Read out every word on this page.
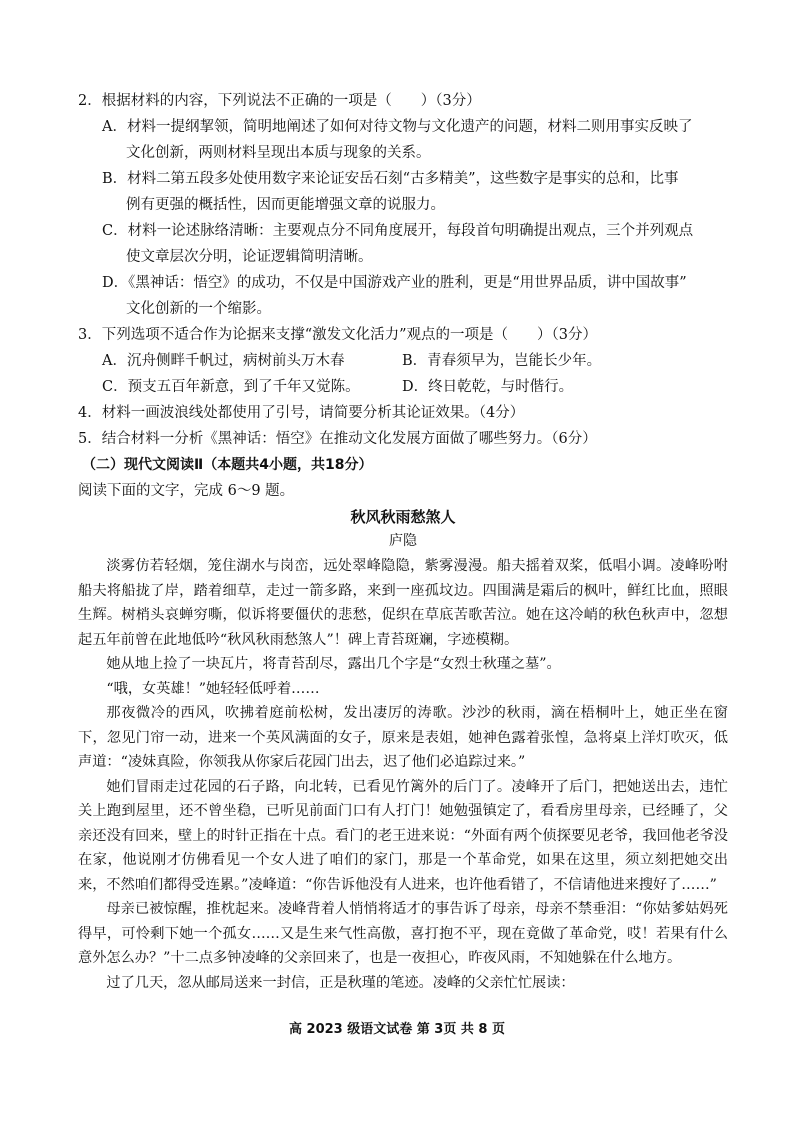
2．根据材料的内容，下列说法不正确的一项是（　　）（3分）

A．材料一提纲挈领，简明地阐述了如何对待文物与文化遗产的问题，材料二则用事实反映了
文化创新，两则材料呈现出本质与现象的关系。

B．材料二第五段多处使用数字来论证安岳石刻“古多精美”，这些数字是事实的总和，比事
例有更强的概括性，因而更能增强文章的说服力。

C．材料一论述脉络清晰：主要观点分不同角度展开，每段首句明确提出观点，三个并列观点
使文章层次分明，论证逻辑简明清晰。

D．《黑神话：悟空》的成功，不仅是中国游戏产业的胜利，更是“用世界品质，讲中国故事”
文化创新的一个缩影。

3．下列选项不适合作为论据来支撑“激发文化活力”观点的一项是（　　）（3分）

A．沉舟侧畔千帆过，病树前头万木春	B．青春须早为，岂能长少年。
C．预支五百年新意，到了千年又觉陈。	D．终日乾乾，与时偕行。

4．材料一画波浪线处都使用了引号，请简要分析其论证效果。（4分）

5．结合材料一分析《黑神话：悟空》在推动文化发展方面做了哪些努力。（6分）

（二）现代文阅读Ⅱ（本题共4小题，共18分）

阅读下面的文字，完成 6～9 题。

秋风秋雨愁煞人

庐隐

淡雾仿若轻烟，笼住湖水与岗峦，远处翠峰隐隐，紫雾漫漫。船夫摇着双桨，低唱小调。凌峰吩咐船夫将船拢了岸，踏着细草，走过一箭多路，来到一座孤坟边。四围满是霜后的枫叶，鲜红比血，照眼生辉。树梢头哀蝉穷嘶，似诉将要僵伏的悲愁，促织在草底苦歌苦泣。她在这冷峭的秋色秋声中，忽想起五年前曾在此地低吟“秋风秋雨愁煞人”！碑上青苔斑斓，字迹模糊。

她从地上捡了一块瓦片，将青苔刮尽，露出几个字是“女烈士秋瑾之墓”。

“哦，女英雄！”她轻轻低呼着……

那夜微冷的西风，吹拂着庭前松树，发出凄厉的涛歌。沙沙的秋雨，滴在梧桐叶上，她正坐在窗下，忽见门帘一动，进来一个英风满面的女子，原来是表姐，她神色露着张惶，急将桌上洋灯吹灭，低声道：“凌妹真险，你领我从你家后花园门出去，迟了他们必追踪过来。”

她们冒雨走过花园的石子路，向北转，已看见竹篱外的后门了。凌峰开了后门，把她送出去，违忙关上跑到屋里，还不曾坐稳，已听见前面门口有人打门！她勉强镇定了，看看房里母亲，已经睡了，父亲还没有回来，壁上的时针正指在十点。看门的老王进来说：“外面有两个侦探要见老爷，我回他老爷没在家，他说刚才仿佛看见一个女人进了咱们的家门，那是一个革命党，如果在这里，须立刻把她交出来，不然咱们都得受连累。”凌峰道：“你告诉他没有人进来，也许他看错了，不信请他进来搜好了……”

母亲已被惊醒，推枕起来。凌峰背着人悄悄将适才的事告诉了母亲，母亲不禁垂泪：“你姑爹姑妈死得早，可怜剩下她一个孤女……又是生来气性高傲，喜打抱不平，现在竟做了革命党，哎！若果有什么意外怎么办？”十二点多钟凌峰的父亲回来了，也是一夜担心，昨夜风雨，不知她躲在什么地方。

过了几天，忽从邮局送来一封信，正是秋瑾的笔迹。凌峰的父亲忙忙展读：

高 2023 级语文试卷 第 3页 共 8 页
